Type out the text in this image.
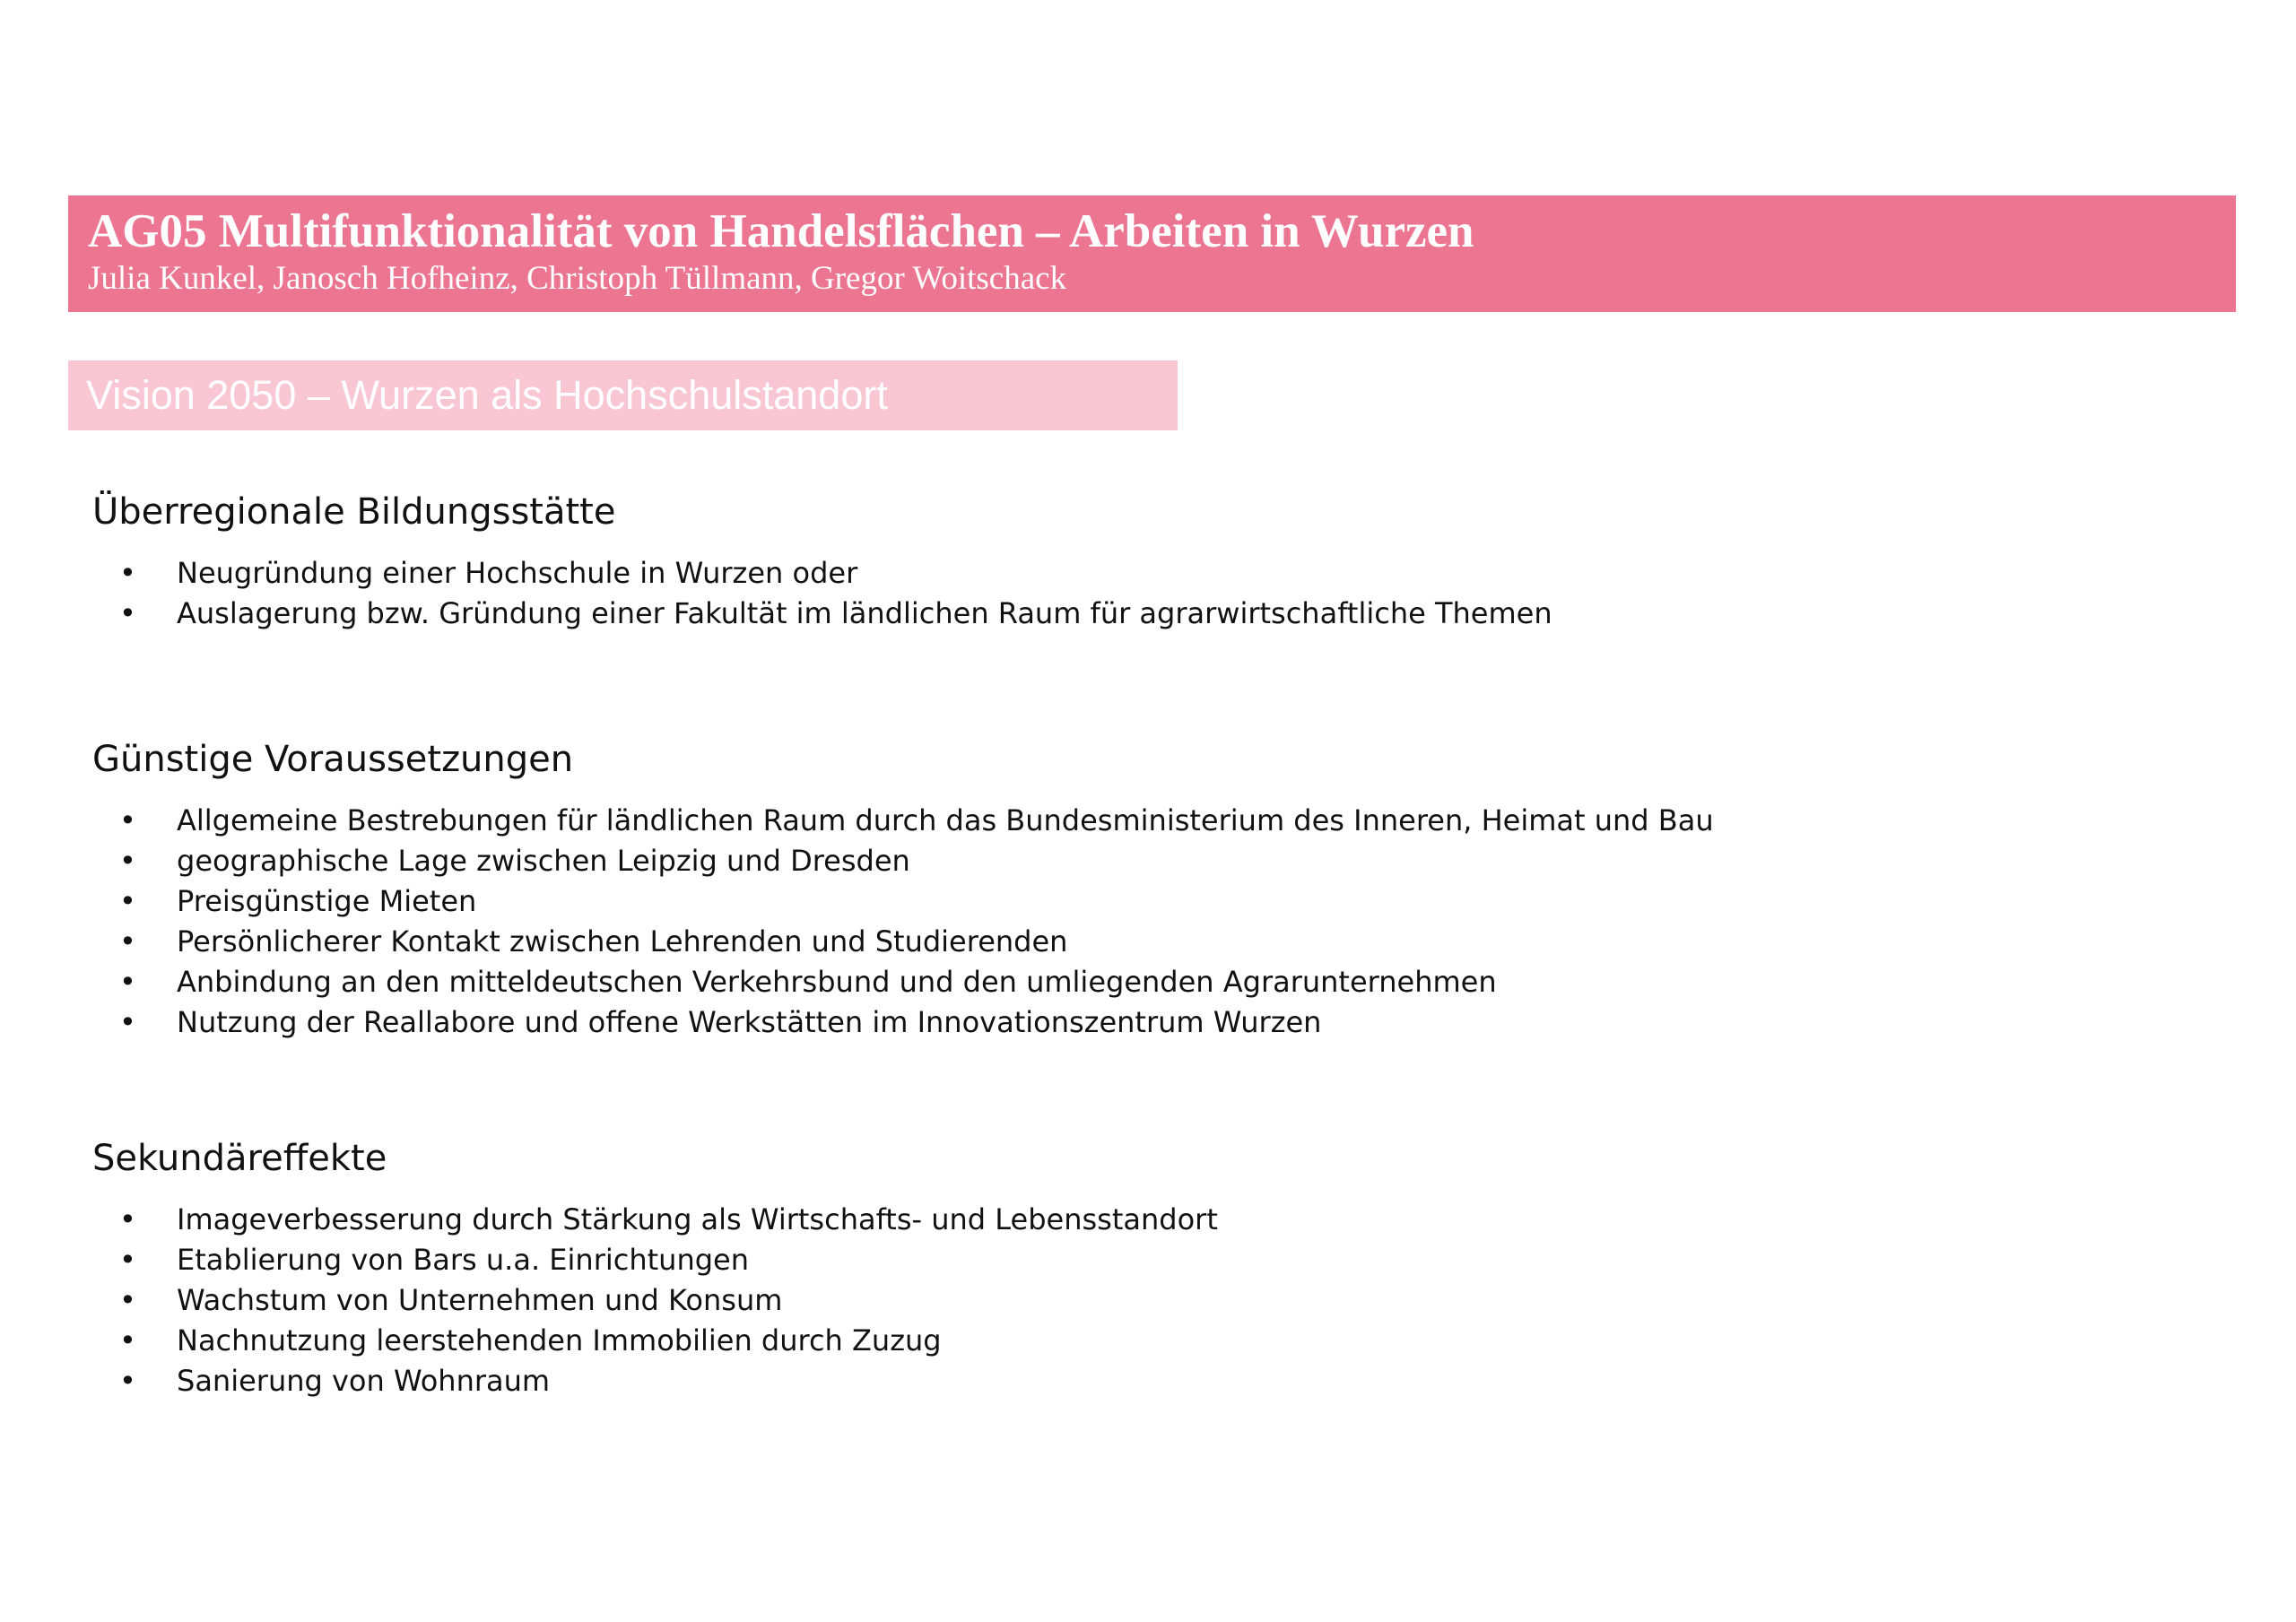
AG05 Multifunktionalität von Handelsflächen – Arbeiten in Wurzen
Julia Kunkel, Janosch Hofheinz, Christoph Tüllmann, Gregor Woitschack
Vision 2050 – Wurzen als Hochschulstandort
Überregionale Bildungsstätte
• Neugründung einer Hochschule in Wurzen oder
• Auslagerung bzw. Gründung einer Fakultät im ländlichen Raum für agrarwirtschaftliche Themen
Günstige Voraussetzungen
• Allgemeine Bestrebungen für ländlichen Raum durch das Bundesministerium des Inneren, Heimat und Bau
• geographische Lage zwischen Leipzig und Dresden
• Preisgünstige Mieten
• Persönlicherer Kontakt zwischen Lehrenden und Studierenden
• Anbindung an den mitteldeutschen Verkehrsbund und den umliegenden Agrarunternehmen
• Nutzung der Reallabore und offene Werkstätten im Innovationszentrum Wurzen
Sekundäreffekte
• Imageverbesserung durch Stärkung als Wirtschafts- und Lebensstandort
• Etablierung von Bars u.a. Einrichtungen
• Wachstum von Unternehmen und Konsum
• Nachnutzung leerstehenden Immobilien durch Zuzug
• Sanierung von Wohnraum
